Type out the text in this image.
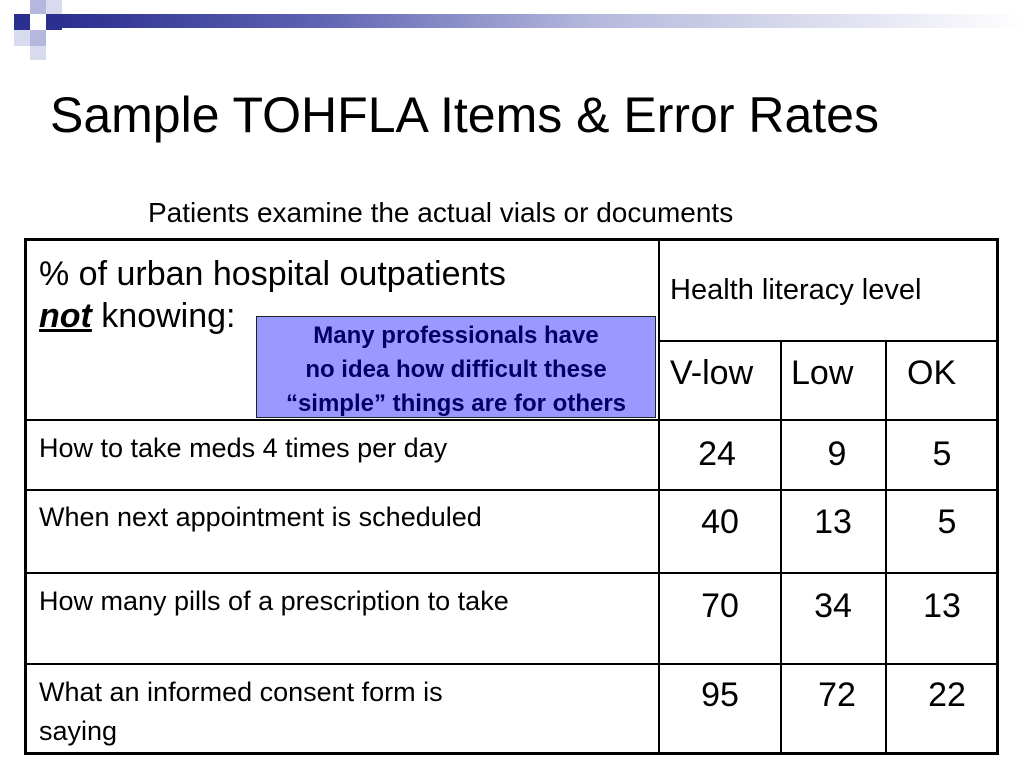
Sample TOHFLA Items & Error Rates
Patients examine the actual vials or documents
% of urban hospital outpatients
not knowing:
Health literacy level
V-low Low OK
How to take meds 4 times per day	24	9	5
When next appointment is scheduled	40	13	5
How many pills of a prescription to take	70	34	13
What an informed consent form is
saying
95	72	22
Many professionals have
no idea how difficult these
“simple” things are for others
